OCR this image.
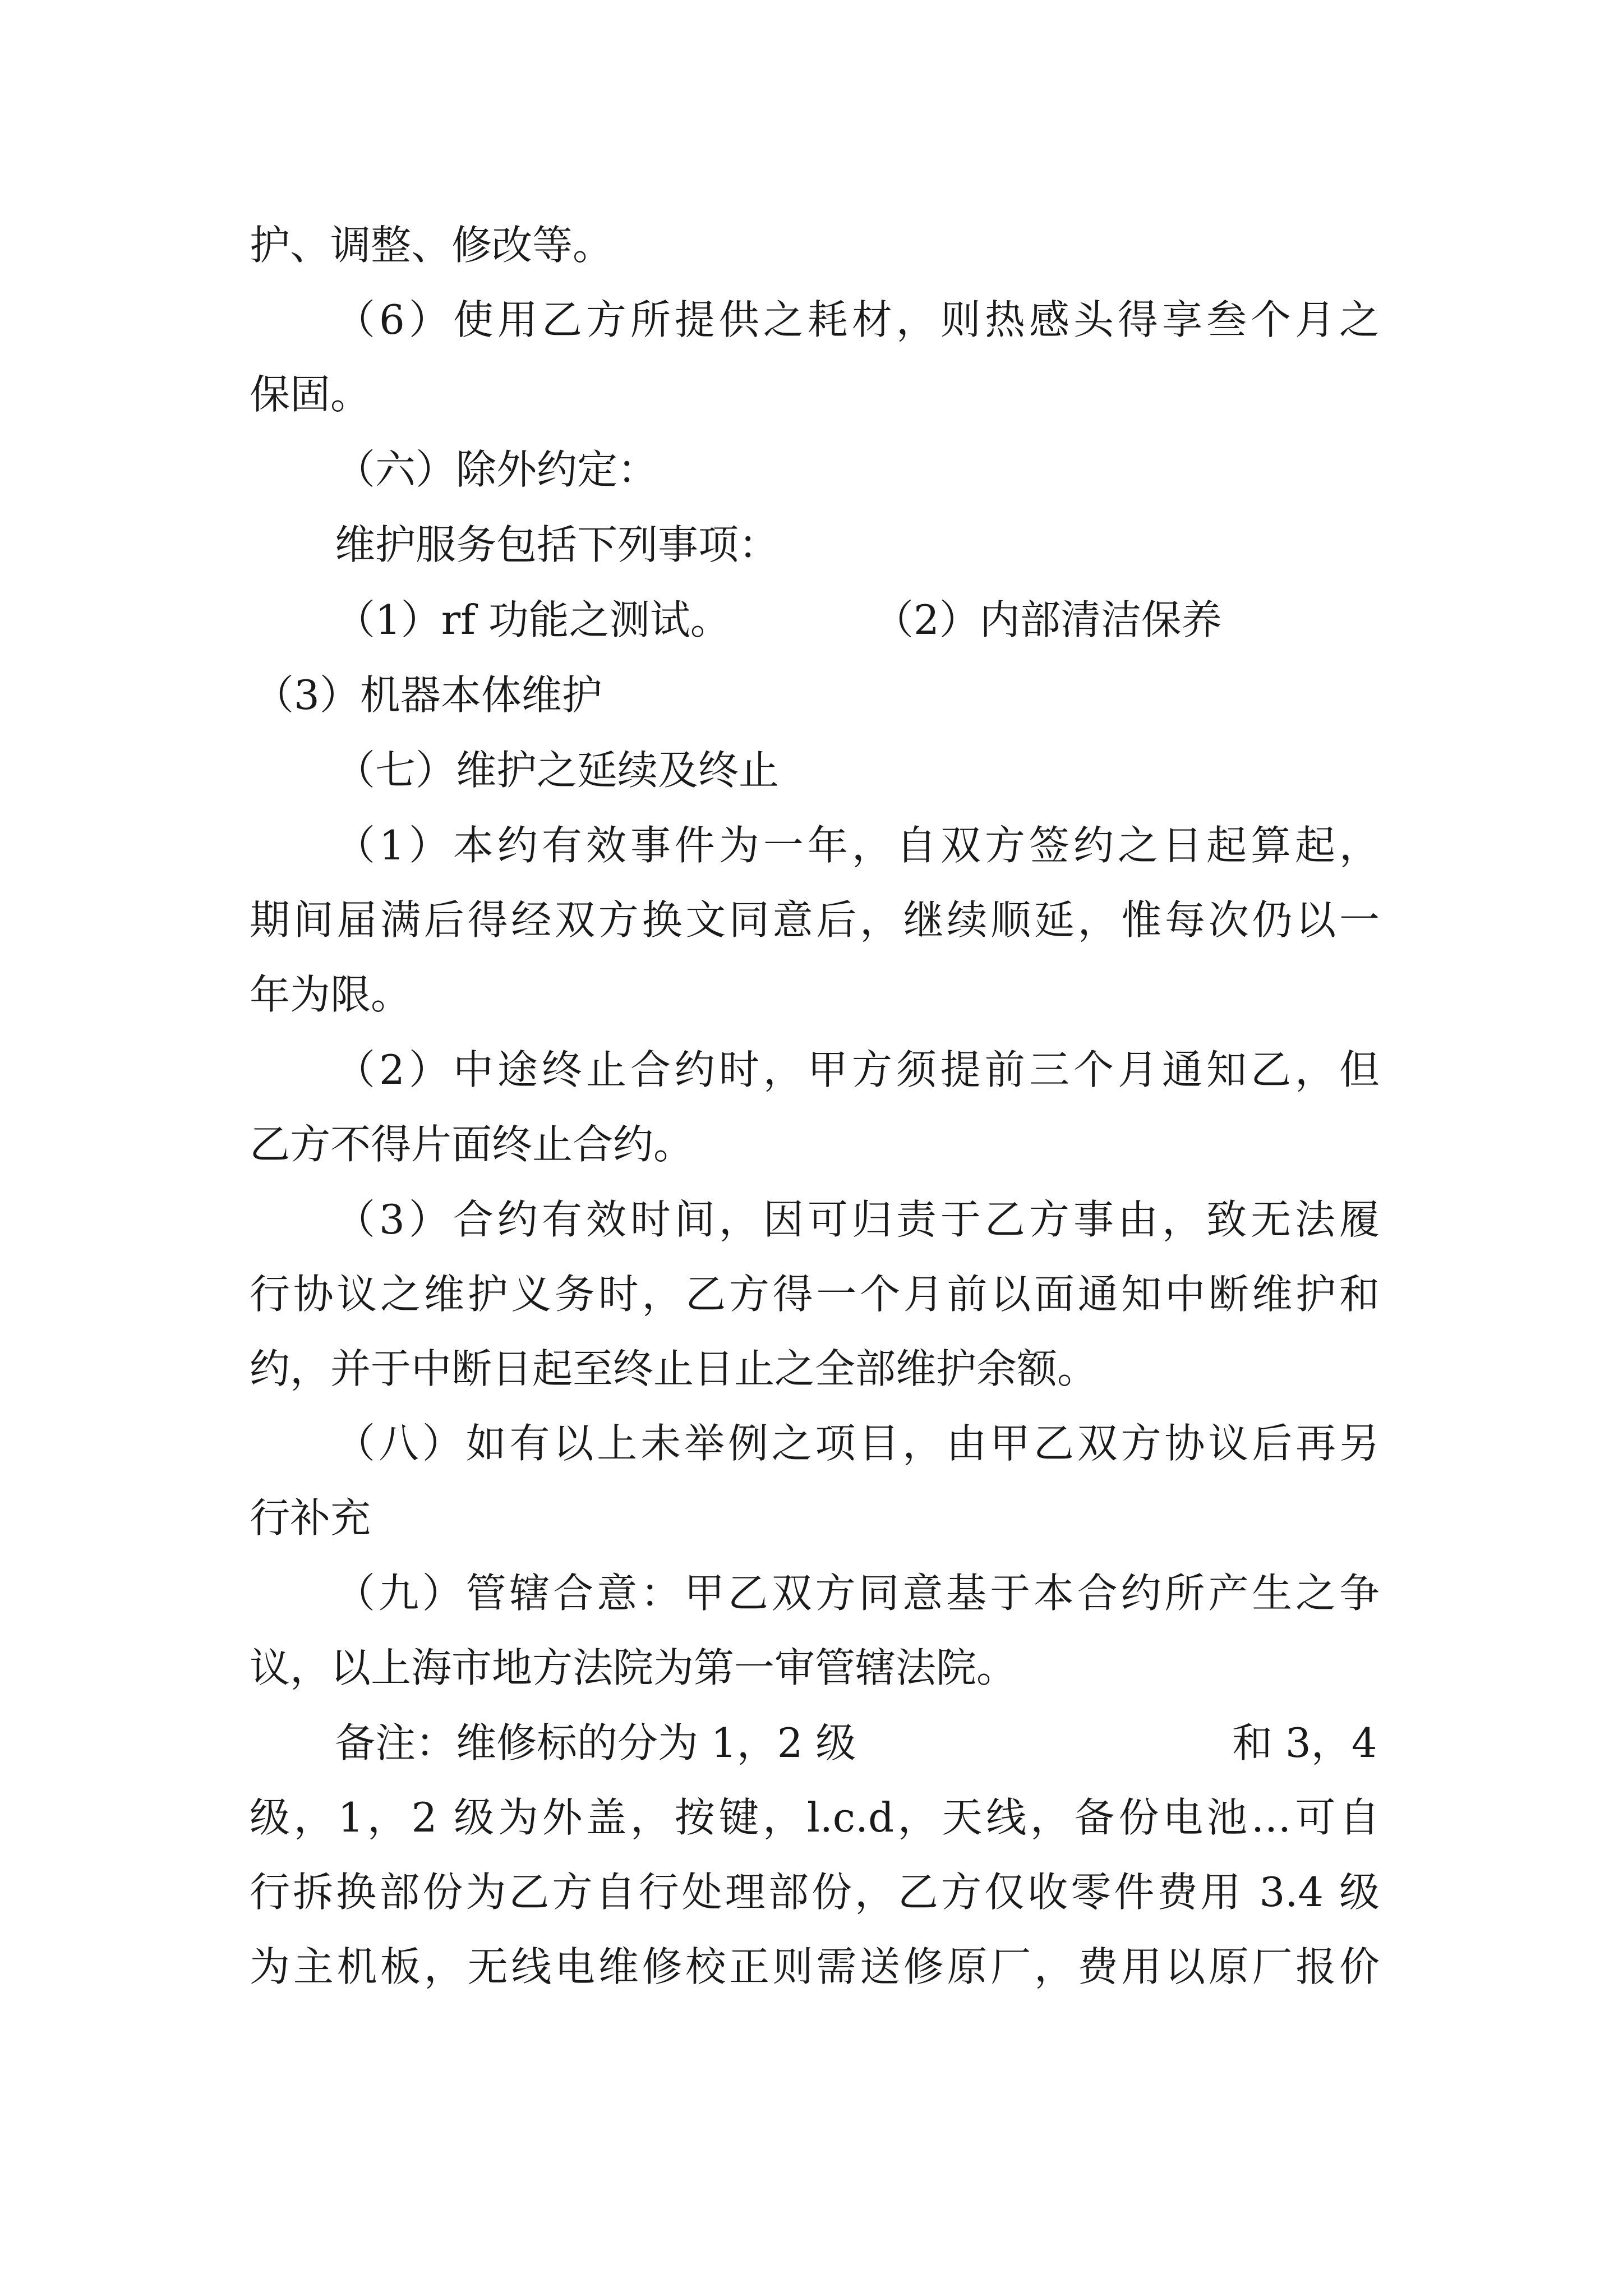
护、调整、修改等。
（6）使用乙方所提供之耗材，则热感头得享叁个月之
保固。
（六）除外约定：
维护服务包括下列事项：
（1）rf 功能之测试。	（2）内部清洁保养
（3）机器本体维护
（七）维护之延续及终止
（1）本约有效事件为一年，自双方签约之日起算起，
期间届满后得经双方换文同意后，继续顺延，惟每次仍以一
年为限。
（2）中途终止合约时，甲方须提前三个月通知乙，但
乙方不得片面终止合约。
（3）合约有效时间，因可归责于乙方事由，致无法履
行协议之维护义务时，乙方得一个月前以面通知中断维护和
约，并于中断日起至终止日止之全部维护余额。
（八）如有以上未举例之项目，由甲乙双方协议后再另
行补充
（九）管辖合意：甲乙双方同意基于本合约所产生之争
议，以上海市地方法院为第一审管辖法院。
备注：维修标的分为 1，2 级	和 3，4
级，1，2 级为外盖，按键，l.c.d，天线，备份电池…可自
行拆换部份为乙方自行处理部份，乙方仅收零件费用 3.4 级
为主机板，无线电维修校正则需送修原厂，费用以原厂报价
